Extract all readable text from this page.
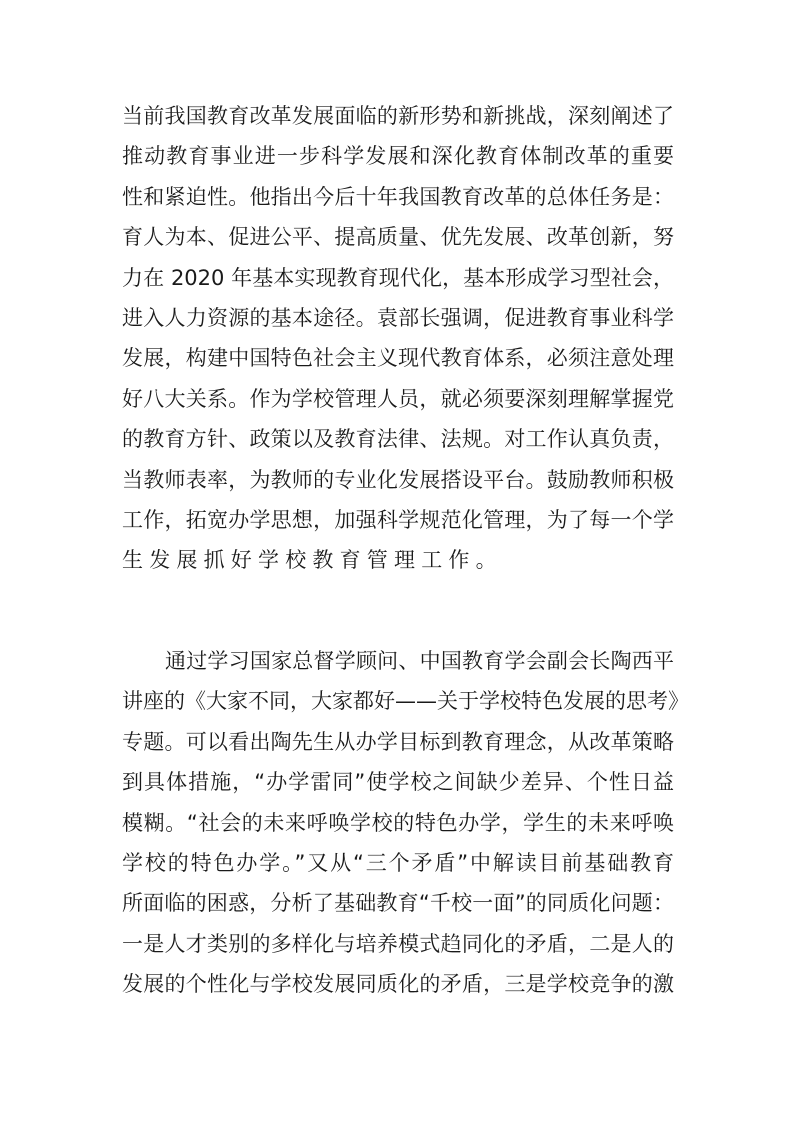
当前我国教育改革发展面临的新形势和新挑战，深刻阐述了
推动教育事业进一步科学发展和深化教育体制改革的重要
性和紧迫性。他指出今后十年我国教育改革的总体任务是：
育人为本、促进公平、提高质量、优先发展、改革创新，努
力在 2020 年基本实现教育现代化，基本形成学习型社会，
进入人力资源的基本途径。袁部长强调，促进教育事业科学
发展，构建中国特色社会主义现代教育体系，必须注意处理
好八大关系。作为学校管理人员，就必须要深刻理解掌握党
的教育方针、政策以及教育法律、法规。对工作认真负责，
当教师表率，为教师的专业化发展搭设平台。鼓励教师积极
工作，拓宽办学思想，加强科学规范化管理，为了每一个学
生发展抓好学校教育管理工作。

通过学习国家总督学顾问、中国教育学会副会长陶西平
讲座的《大家不同，大家都好——关于学校特色发展的思考》
专题。可以看出陶先生从办学目标到教育理念，从改革策略
到具体措施，“办学雷同”使学校之间缺少差异、个性日益
模糊。“社会的未来呼唤学校的特色办学，学生的未来呼唤
学校的特色办学。”又从“三个矛盾”中解读目前基础教育
所面临的困惑，分析了基础教育“千校一面”的同质化问题：
一是人才类别的多样化与培养模式趋同化的矛盾，二是人的
发展的个性化与学校发展同质化的矛盾，三是学校竞争的激
